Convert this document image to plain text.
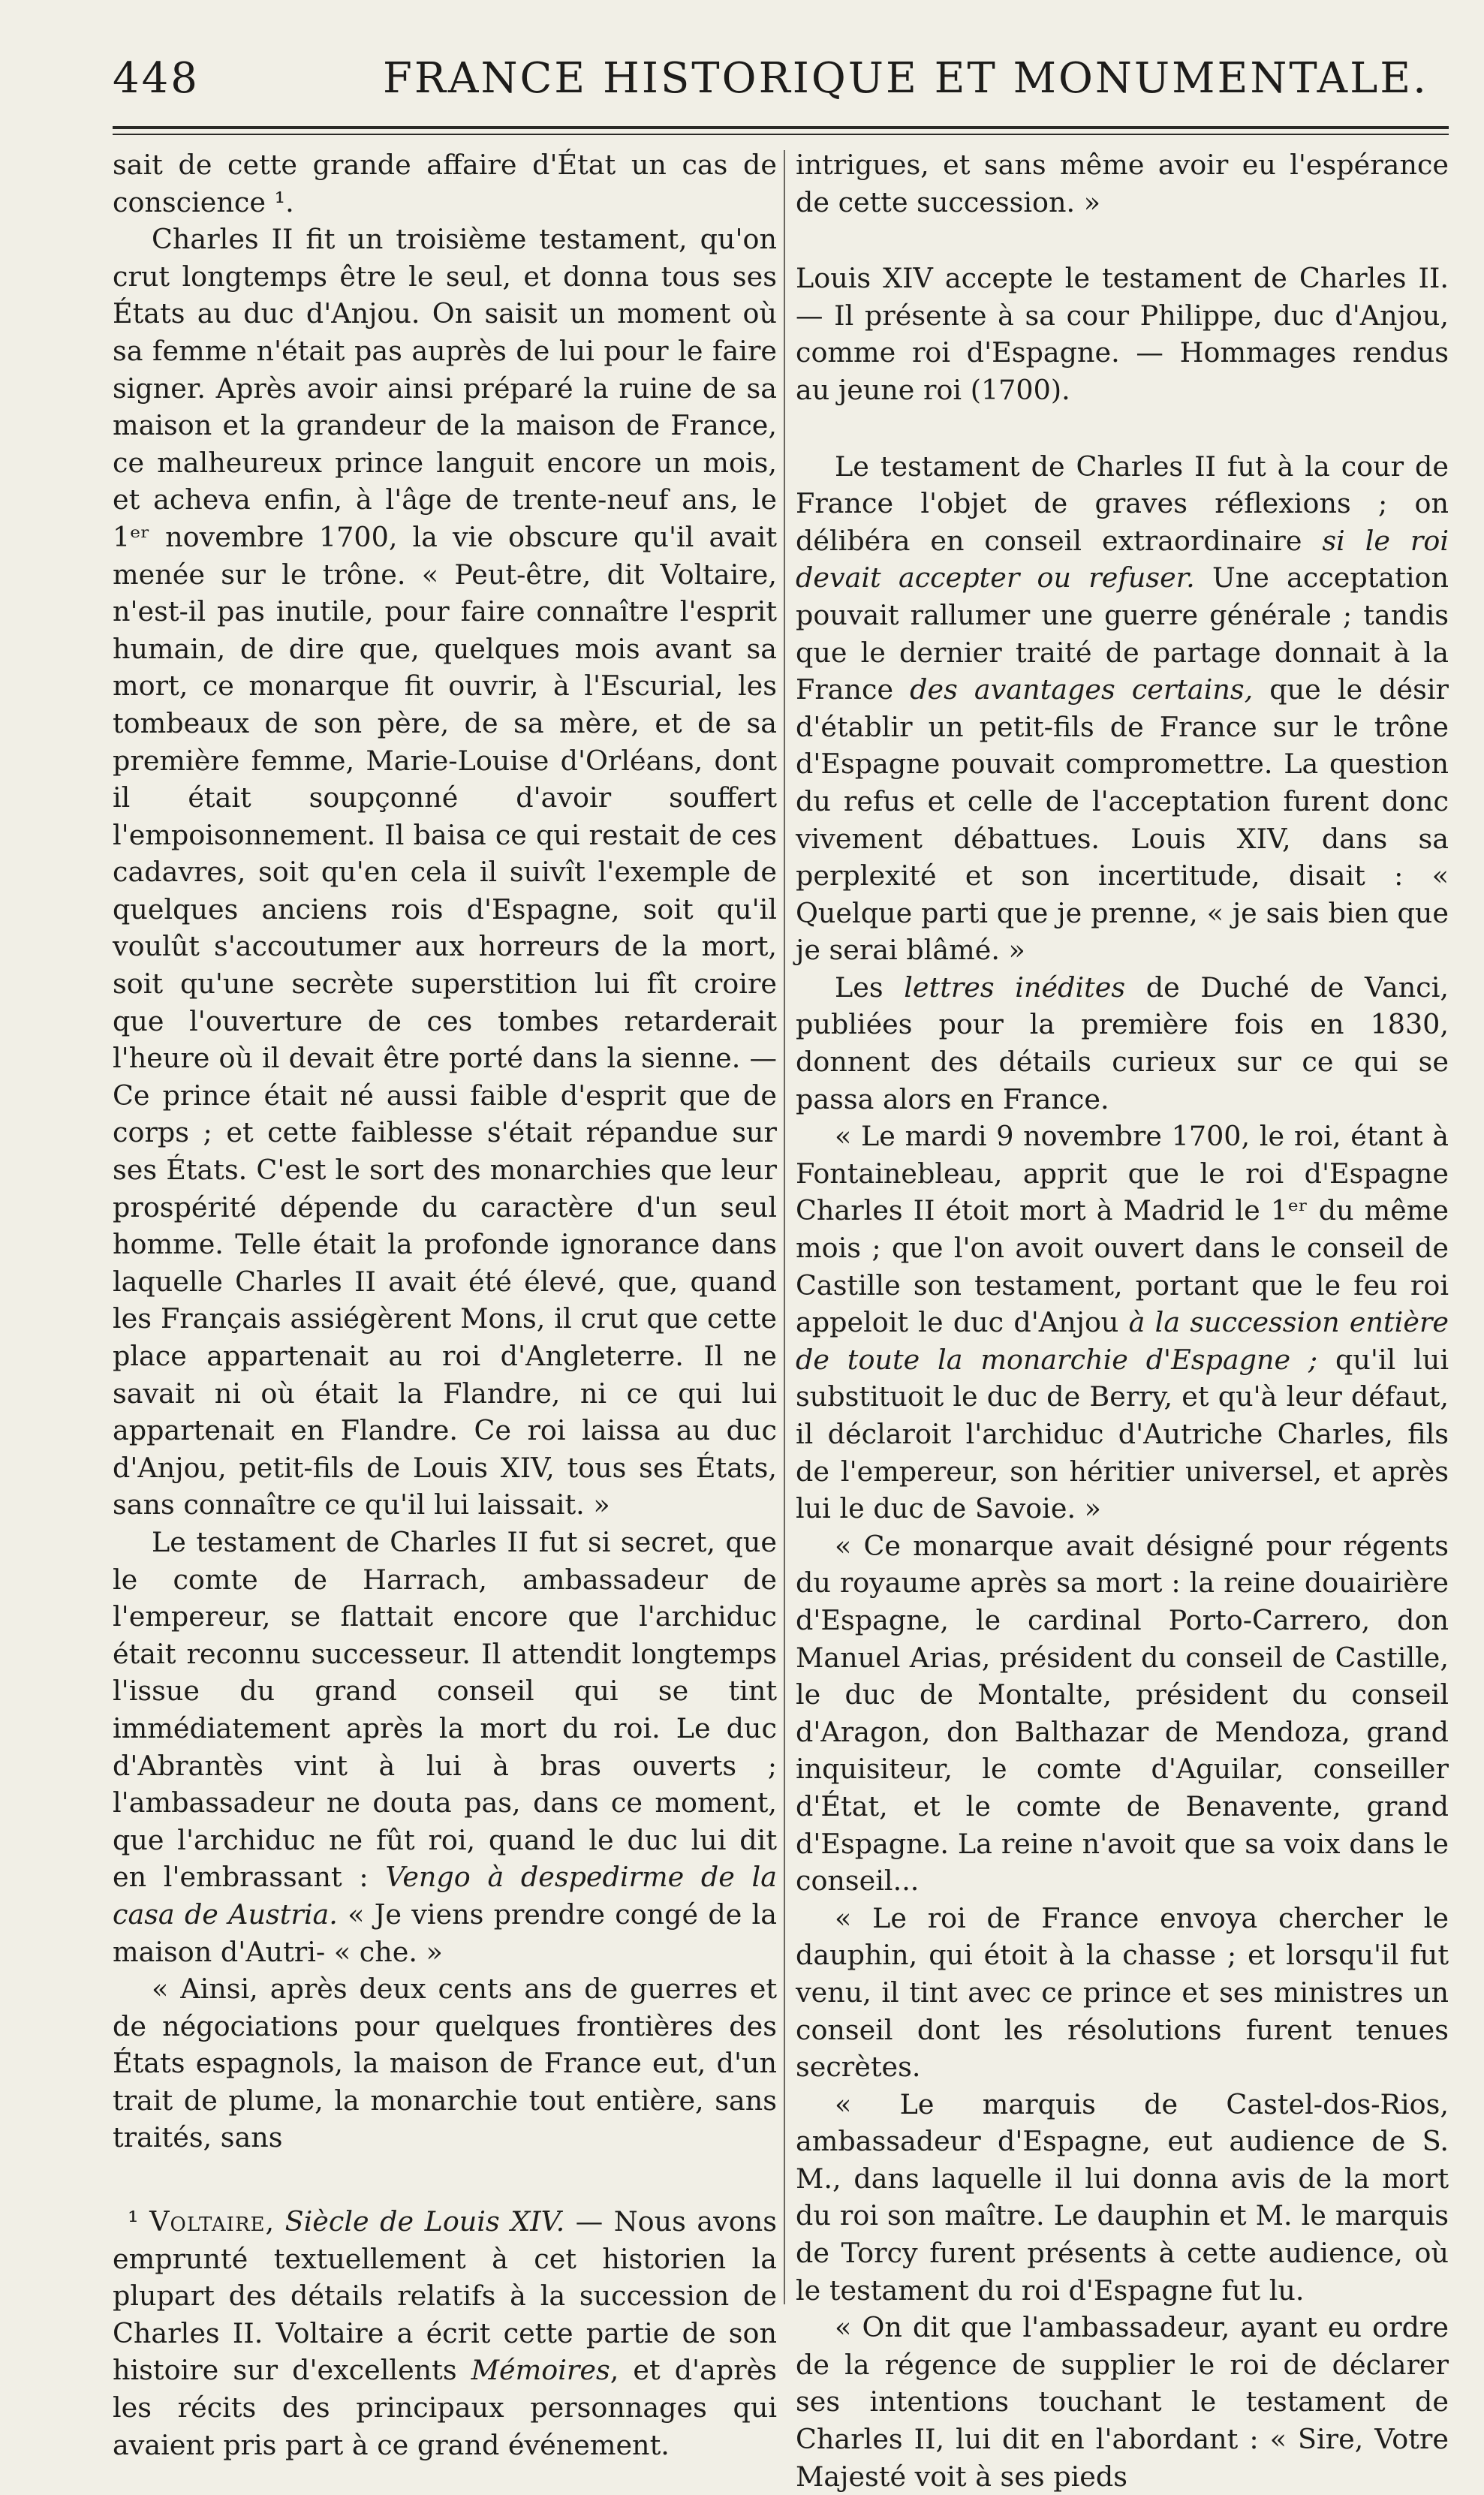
448	FRANCE HISTORIQUE ET MONUMENTALE.

sait de cette grande affaire d'État un cas de conscience ¹.

Charles II fit un troisième testament, qu'on crut longtemps être le seul, et donna tous ses États au duc d'Anjou. On saisit un moment où sa femme n'était pas auprès de lui pour le faire signer. Après avoir ainsi préparé la ruine de sa maison et la grandeur de la maison de France, ce malheureux prince languit encore un mois, et acheva enfin, à l'âge de trente-neuf ans, le 1ᵉʳ novembre 1700, la vie obscure qu'il avait menée sur le trône. « Peut-être, dit Voltaire, n'est-il pas inutile, pour faire connaître l'esprit humain, de dire que, quelques mois avant sa mort, ce monarque fit ouvrir, à l'Escurial, les tombeaux de son père, de sa mère, et de sa première femme, Marie-Louise d'Orléans, dont il était soupçonné d'avoir souffert l'empoisonnement. Il baisa ce qui restait de ces cadavres, soit qu'en cela il suivît l'exemple de quelques anciens rois d'Espagne, soit qu'il voulût s'accoutumer aux horreurs de la mort, soit qu'une secrète superstition lui fît croire que l'ouverture de ces tombes retarderait l'heure où il devait être porté dans la sienne. — Ce prince était né aussi faible d'esprit que de corps ; et cette faiblesse s'était répandue sur ses États. C'est le sort des monarchies que leur prospérité dépende du caractère d'un seul homme. Telle était la profonde ignorance dans laquelle Charles II avait été élevé, que, quand les Français assiégèrent Mons, il crut que cette place appartenait au roi d'Angleterre. Il ne savait ni où était la Flandre, ni ce qui lui appartenait en Flandre. Ce roi laissa au duc d'Anjou, petit-fils de Louis XIV, tous ses États, sans connaître ce qu'il lui laissait. »

Le testament de Charles II fut si secret, que le comte de Harrach, ambassadeur de l'empereur, se flattait encore que l'archiduc était reconnu successeur. Il attendit longtemps l'issue du grand conseil qui se tint immédiatement après la mort du roi. Le duc d'Abrantès vint à lui à bras ouverts ; l'ambassadeur ne douta pas, dans ce moment, que l'archiduc ne fût roi, quand le duc lui dit en l'embrassant : Vengo à despedirme de la casa de Austria. « Je viens prendre congé de la maison d'Autri- « che. »

« Ainsi, après deux cents ans de guerres et de négociations pour quelques frontières des États espagnols, la maison de France eut, d'un trait de plume, la monarchie tout entière, sans traités, sans

¹ Voltaire, Siècle de Louis XIV. — Nous avons emprunté textuellement à cet historien la plupart des détails relatifs à la succession de Charles II. Voltaire a écrit cette partie de son histoire sur d'excellents Mémoires, et d'après les récits des principaux personnages qui avaient pris part à ce grand événement.

intrigues, et sans même avoir eu l'espérance de cette succession. »

Louis XIV accepte le testament de Charles II. — Il présente à sa cour Philippe, duc d'Anjou, comme roi d'Espagne. — Hommages rendus au jeune roi (1700).

Le testament de Charles II fut à la cour de France l'objet de graves réflexions ; on délibéra en conseil extraordinaire si le roi devait accepter ou refuser. Une acceptation pouvait rallumer une guerre générale ; tandis que le dernier traité de partage donnait à la France des avantages certains, que le désir d'établir un petit-fils de France sur le trône d'Espagne pouvait compromettre. La question du refus et celle de l'acceptation furent donc vivement débattues. Louis XIV, dans sa perplexité et son incertitude, disait : « Quelque parti que je prenne, « je sais bien que je serai blâmé. »

Les lettres inédites de Duché de Vanci, publiées pour la première fois en 1830, donnent des détails curieux sur ce qui se passa alors en France.

« Le mardi 9 novembre 1700, le roi, étant à Fontainebleau, apprit que le roi d'Espagne Charles II étoit mort à Madrid le 1ᵉʳ du même mois ; que l'on avoit ouvert dans le conseil de Castille son testament, portant que le feu roi appeloit le duc d'Anjou à la succession entière de toute la monarchie d'Espagne ; qu'il lui substituoit le duc de Berry, et qu'à leur défaut, il déclaroit l'archiduc d'Autriche Charles, fils de l'empereur, son héritier universel, et après lui le duc de Savoie. »

« Ce monarque avait désigné pour régents du royaume après sa mort : la reine douairière d'Espagne, le cardinal Porto-Carrero, don Manuel Arias, président du conseil de Castille, le duc de Montalte, président du conseil d'Aragon, don Balthazar de Mendoza, grand inquisiteur, le comte d'Aguilar, conseiller d'État, et le comte de Benavente, grand d'Espagne. La reine n'avoit que sa voix dans le conseil...

« Le roi de France envoya chercher le dauphin, qui étoit à la chasse ; et lorsqu'il fut venu, il tint avec ce prince et ses ministres un conseil dont les résolutions furent tenues secrètes.

« Le marquis de Castel-dos-Rios, ambassadeur d'Espagne, eut audience de S. M., dans laquelle il lui donna avis de la mort du roi son maître. Le dauphin et M. le marquis de Torcy furent présents à cette audience, où le testament du roi d'Espagne fut lu.

« On dit que l'ambassadeur, ayant eu ordre de la régence de supplier le roi de déclarer ses intentions touchant le testament de Charles II, lui dit en l'abordant : « Sire, Votre Majesté voit à ses pieds
